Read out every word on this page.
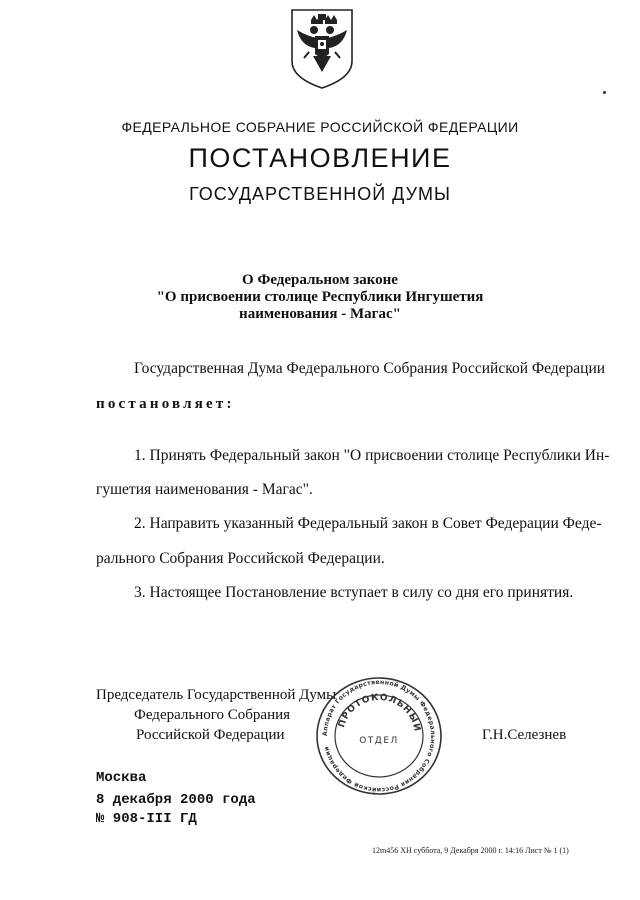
ФЕДЕРАЛЬНОЕ СОБРАНИЕ РОССИЙСКОЙ ФЕДЕРАЦИИ
ПОСТАНОВЛЕНИЕ
ГОСУДАРСТВЕННОЙ ДУМЫ
О Федеральном законе
"О присвоении столице Республики Ингушетия
наименования - Магас"
Государственная Дума Федерального Собрания Российской Федерации
постановляет:
1. Принять Федеральный закон "О присвоении столице Республики Ин-
гушетия наименования - Магас".
2. Направить указанный Федеральный закон в Совет Федерации Феде-
рального Собрания Российской Федерации.
3. Настоящее Постановление вступает в силу со дня его принятия.
Председатель Государственной Думы
Федерального Собрания
Российской Федерации	Г.Н.Селезнев
Аппарат Государственной Думы Федерального Собрания Российской Федерации
ПРОТОКОЛЬНЫЙ
ОТДЕЛ
Москва
8 декабря 2000 года
№ 908-III ГД
12m456 ХН суббота, 9 Декабря 2000 г. 14:16 Лист № 1 (1)
